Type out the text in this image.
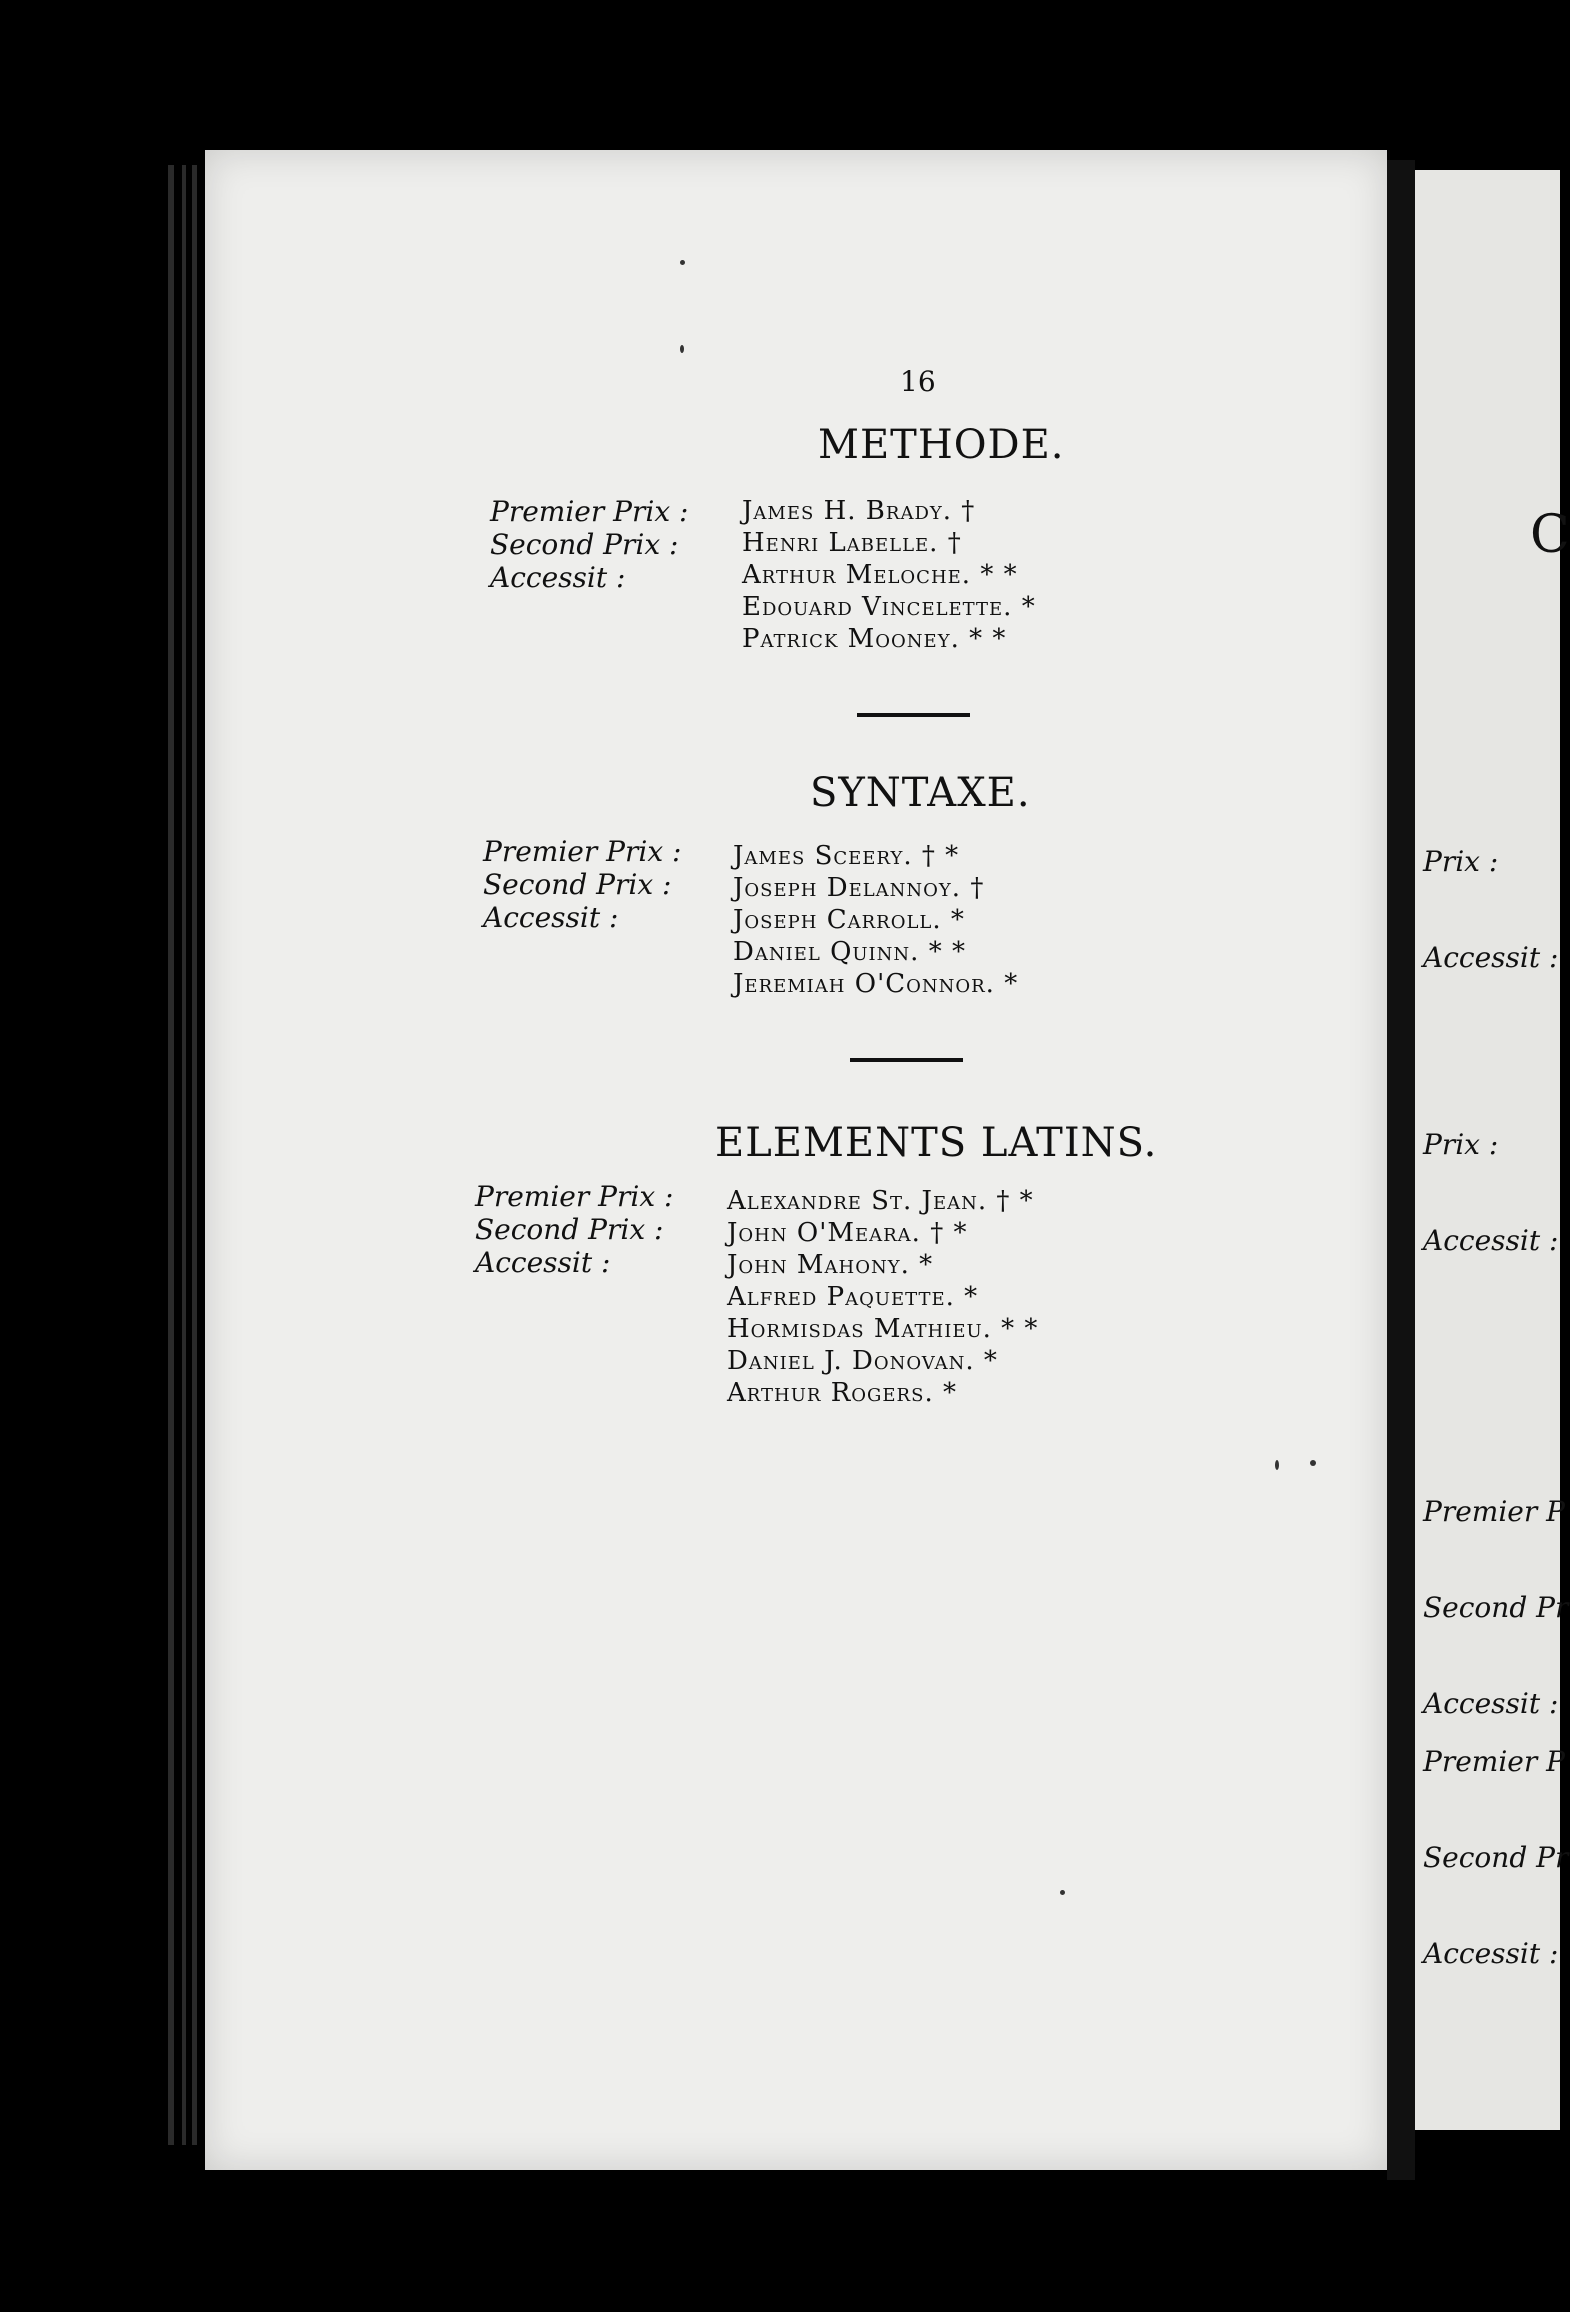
16
METHODE.
Premier Prix :
Second Prix :
Accessit :
James H. Brady. †
Henri Labelle. †
Arthur Meloche. * *
Edouard Vincelette. *
Patrick Mooney. * *
SYNTAXE.
Premier Prix :
Second Prix :
Accessit :
James Sceery. † *
Joseph Delannoy. †
Joseph Carroll. *
Daniel Quinn. * *
Jeremiah O'Connor. *
ELEMENTS LATINS.
Premier Prix :
Second Prix :
Accessit :
Alexandre St. Jean. † *
John O'Meara. † *
John Mahony. *
Alfred Paquette. *
Hormisdas Mathieu. * *
Daniel J. Donovan. *
Arthur Rogers. *
C

Prix :

Accessit :

Prix :

Accessit :

Premier P

Second Pr

Accessit :

Premier P

Second Pr

Accessit :
